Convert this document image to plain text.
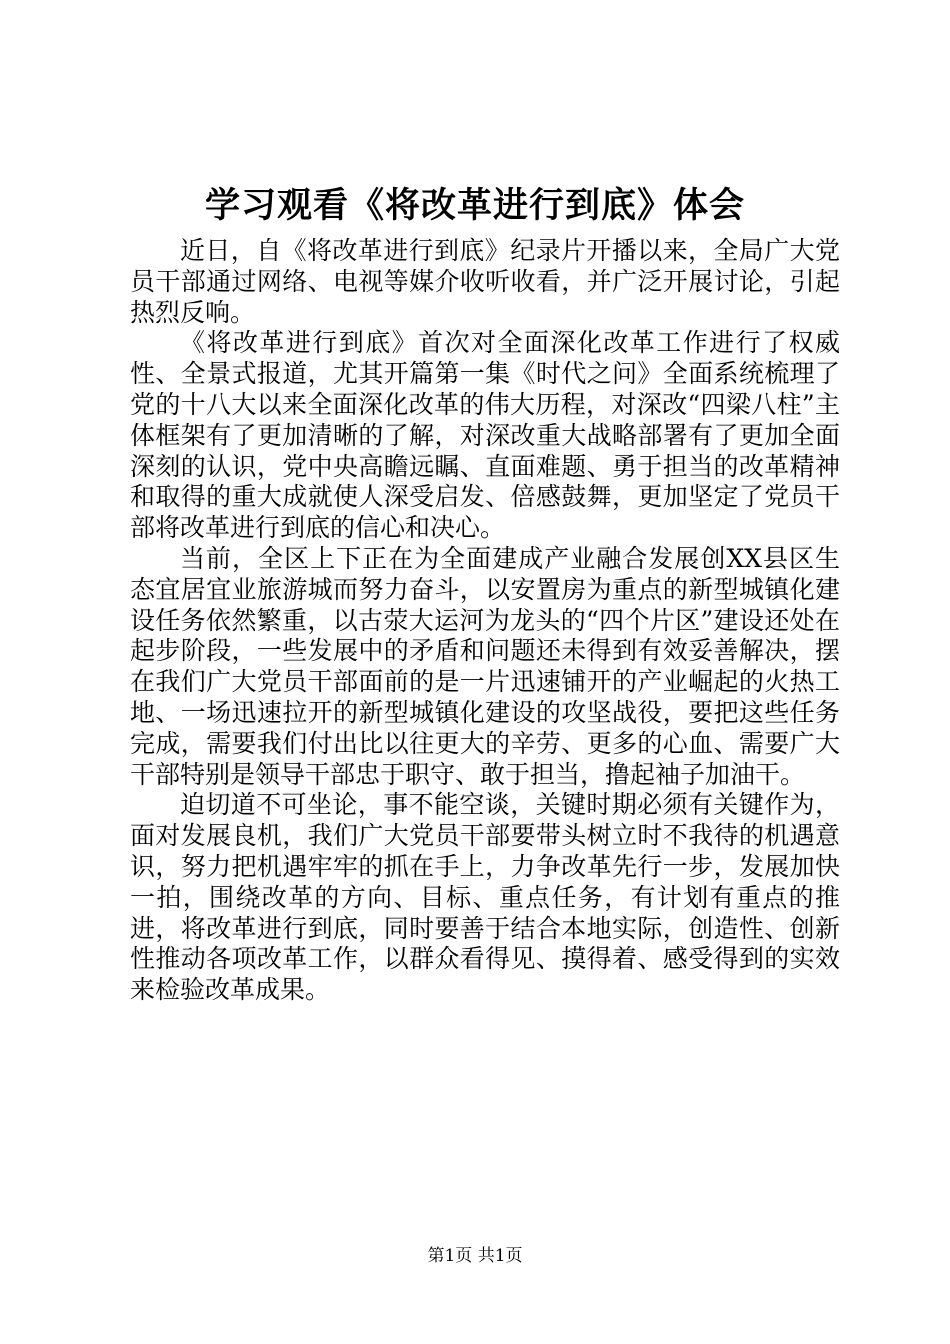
学习观看《将改革进行到底》体会

近日，自《将改革进行到底》纪录片开播以来，全局广大党员干部通过网络、电视等媒介收听收看，并广泛开展讨论，引起热烈反响。

《将改革进行到底》首次对全面深化改革工作进行了权威性、全景式报道，尤其开篇第一集《时代之问》全面系统梳理了党的十八大以来全面深化改革的伟大历程，对深改“四梁八柱”主体框架有了更加清晰的了解，对深改重大战略部署有了更加全面深刻的认识，党中央高瞻远瞩、直面难题、勇于担当的改革精神和取得的重大成就使人深受启发、倍感鼓舞，更加坚定了党员干部将改革进行到底的信心和决心。

当前，全区上下正在为全面建成产业融合发展创XX县区生态宜居宜业旅游城而努力奋斗，以安置房为重点的新型城镇化建设任务依然繁重，以古荥大运河为龙头的“四个片区”建设还处在起步阶段，一些发展中的矛盾和问题还未得到有效妥善解决，摆在我们广大党员干部面前的是一片迅速铺开的产业崛起的火热工地、一场迅速拉开的新型城镇化建设的攻坚战役，要把这些任务完成，需要我们付出比以往更大的辛劳、更多的心血、需要广大干部特别是领导干部忠于职守、敢于担当，撸起袖子加油干。

迫切道不可坐论，事不能空谈，关键时期必须有关键作为，面对发展良机，我们广大党员干部要带头树立时不我待的机遇意识，努力把机遇牢牢的抓在手上，力争改革先行一步，发展加快一拍，围绕改革的方向、目标、重点任务，有计划有重点的推进，将改革进行到底，同时要善于结合本地实际，创造性、创新性推动各项改革工作，以群众看得见、摸得着、感受得到的实效来检验改革成果。

第1页 共1页
